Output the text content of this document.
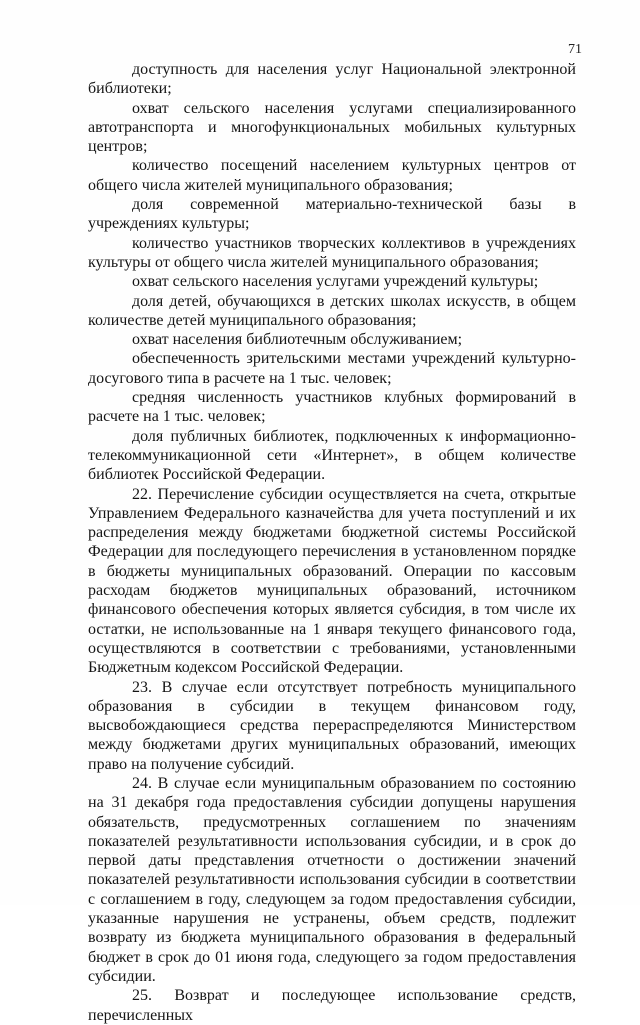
71

доступность для населения услуг Национальной электронной библиотеки;

охват сельского населения услугами специализированного автотранспорта и многофункциональных мобильных культурных центров;

количество посещений населением культурных центров от общего числа жителей муниципального образования;

доля современной материально-технической базы в учреждениях культуры;

количество участников творческих коллективов в учреждениях культуры от общего числа жителей муниципального образования;

охват сельского населения услугами учреждений культуры;

доля детей, обучающихся в детских школах искусств, в общем количестве детей муниципального образования;

охват населения библиотечным обслуживанием;

обеспеченность зрительскими местами учреждений культурно-досугового типа в расчете на 1 тыс. человек;

средняя численность участников клубных формирований в расчете на 1 тыс. человек;

доля публичных библиотек, подключенных к информационно-телекоммуникационной сети «Интернет», в общем количестве библиотек Российской Федерации.

22. Перечисление субсидии осуществляется на счета, открытые Управлением Федерального казначейства для учета поступлений и их распределения между бюджетами бюджетной системы Российской Федерации для последующего перечисления в установленном порядке в бюджеты муниципальных образований. Операции по кассовым расходам бюджетов муниципальных образований, источником финансового обеспечения которых является субсидия, в том числе их остатки, не использованные на 1 января текущего финансового года, осуществляются в соответствии с требованиями, установленными Бюджетным кодексом Российской Федерации.

23. В случае если отсутствует потребность муниципального образования в субсидии в текущем финансовом году, высвобождающиеся средства перераспределяются Министерством между бюджетами других муниципальных образований, имеющих право на получение субсидий.

24. В случае если муниципальным образованием по состоянию на 31 декабря года предоставления субсидии допущены нарушения обязательств, предусмотренных соглашением по значениям показателей результативности использования субсидии, и в срок до первой даты представления отчетности о достижении значений показателей результативности использования субсидии в соответствии с соглашением в году, следующем за годом предоставления субсидии, указанные нарушения не устранены, объем средств, подлежит возврату из бюджета муниципального образования в федеральный бюджет в срок до 01 июня года, следующего за годом предоставления субсидии.

25. Возврат и последующее использование средств, перечисленных
